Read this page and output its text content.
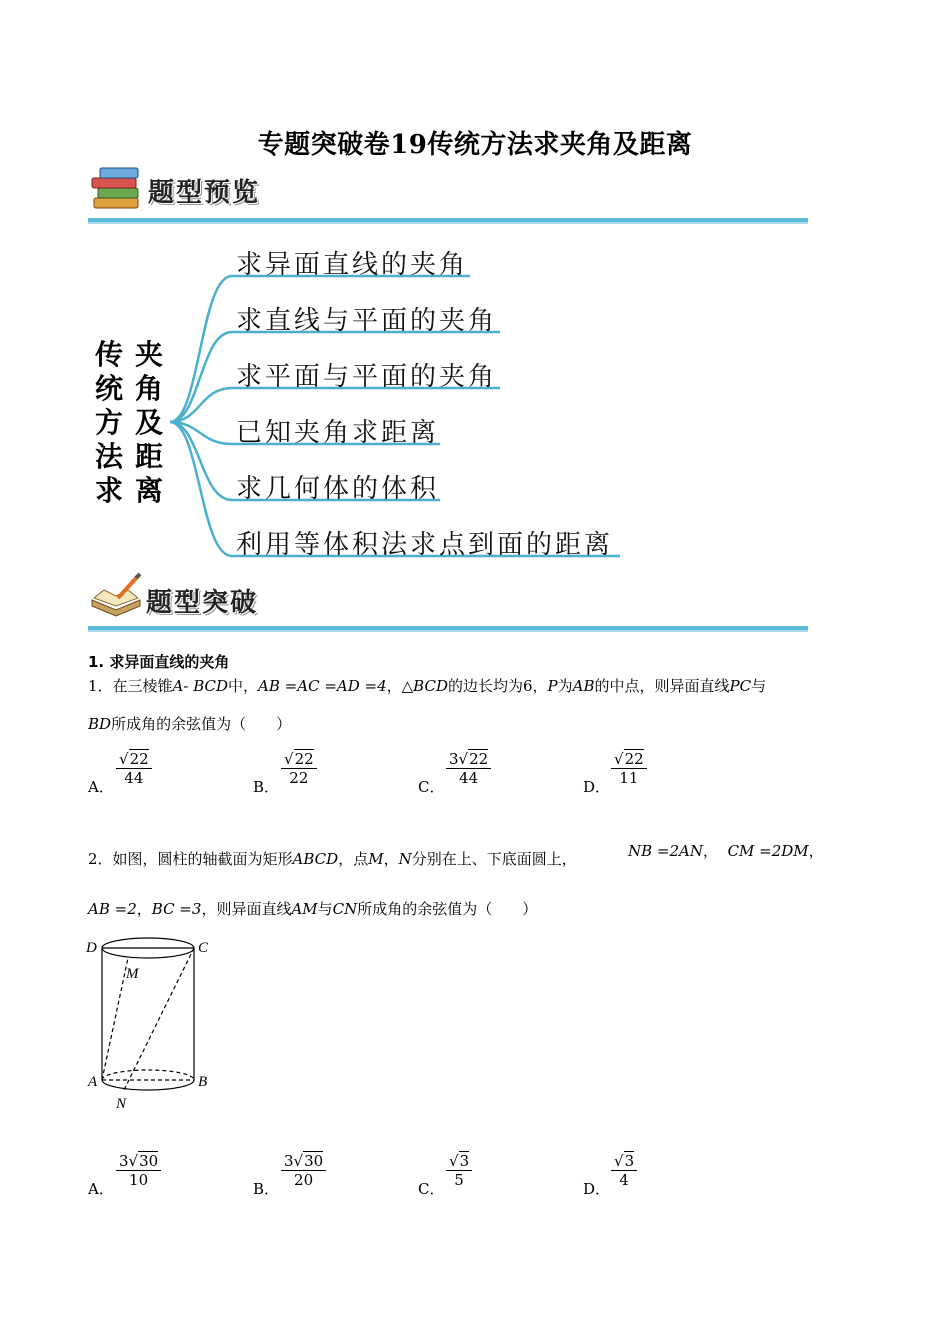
专题突破卷19传统方法求夹角及距离
题型预览
传
统
方
法
求
夹
角
及
距
离
求异面直线的夹角
求直线与平面的夹角
求平面与平面的夹角
已知夹角求距离
求几何体的体积
利用等体积法求点到面的距离
题型突破
1. 求异面直线的夹角
1．在三棱锥A- BCD中，AB =AC =AD =4，△BCD的边长均为6，P为AB的中点，则异面直线PC与
BD所成角的余弦值为（　　）
A． $\frac{√22}{44}$	B． $\frac{√22}{22}$	C． $\frac{3√22}{44}$	D． $\frac{√22}{11}$
2．如图，圆柱的轴截面为矩形ABCD，点M，N分别在上、下底面圆上，	NB =2AN， CM =2DM，
AB =2，BC =3，则异面直线AM与CN所成角的余弦值为（　　）
D	C
M
A	B
N
A． $\frac{3√30}{10}$	B． $\frac{3√30}{20}$	C． $\frac{√3}{5}$	D． $\frac{√3}{4}$
